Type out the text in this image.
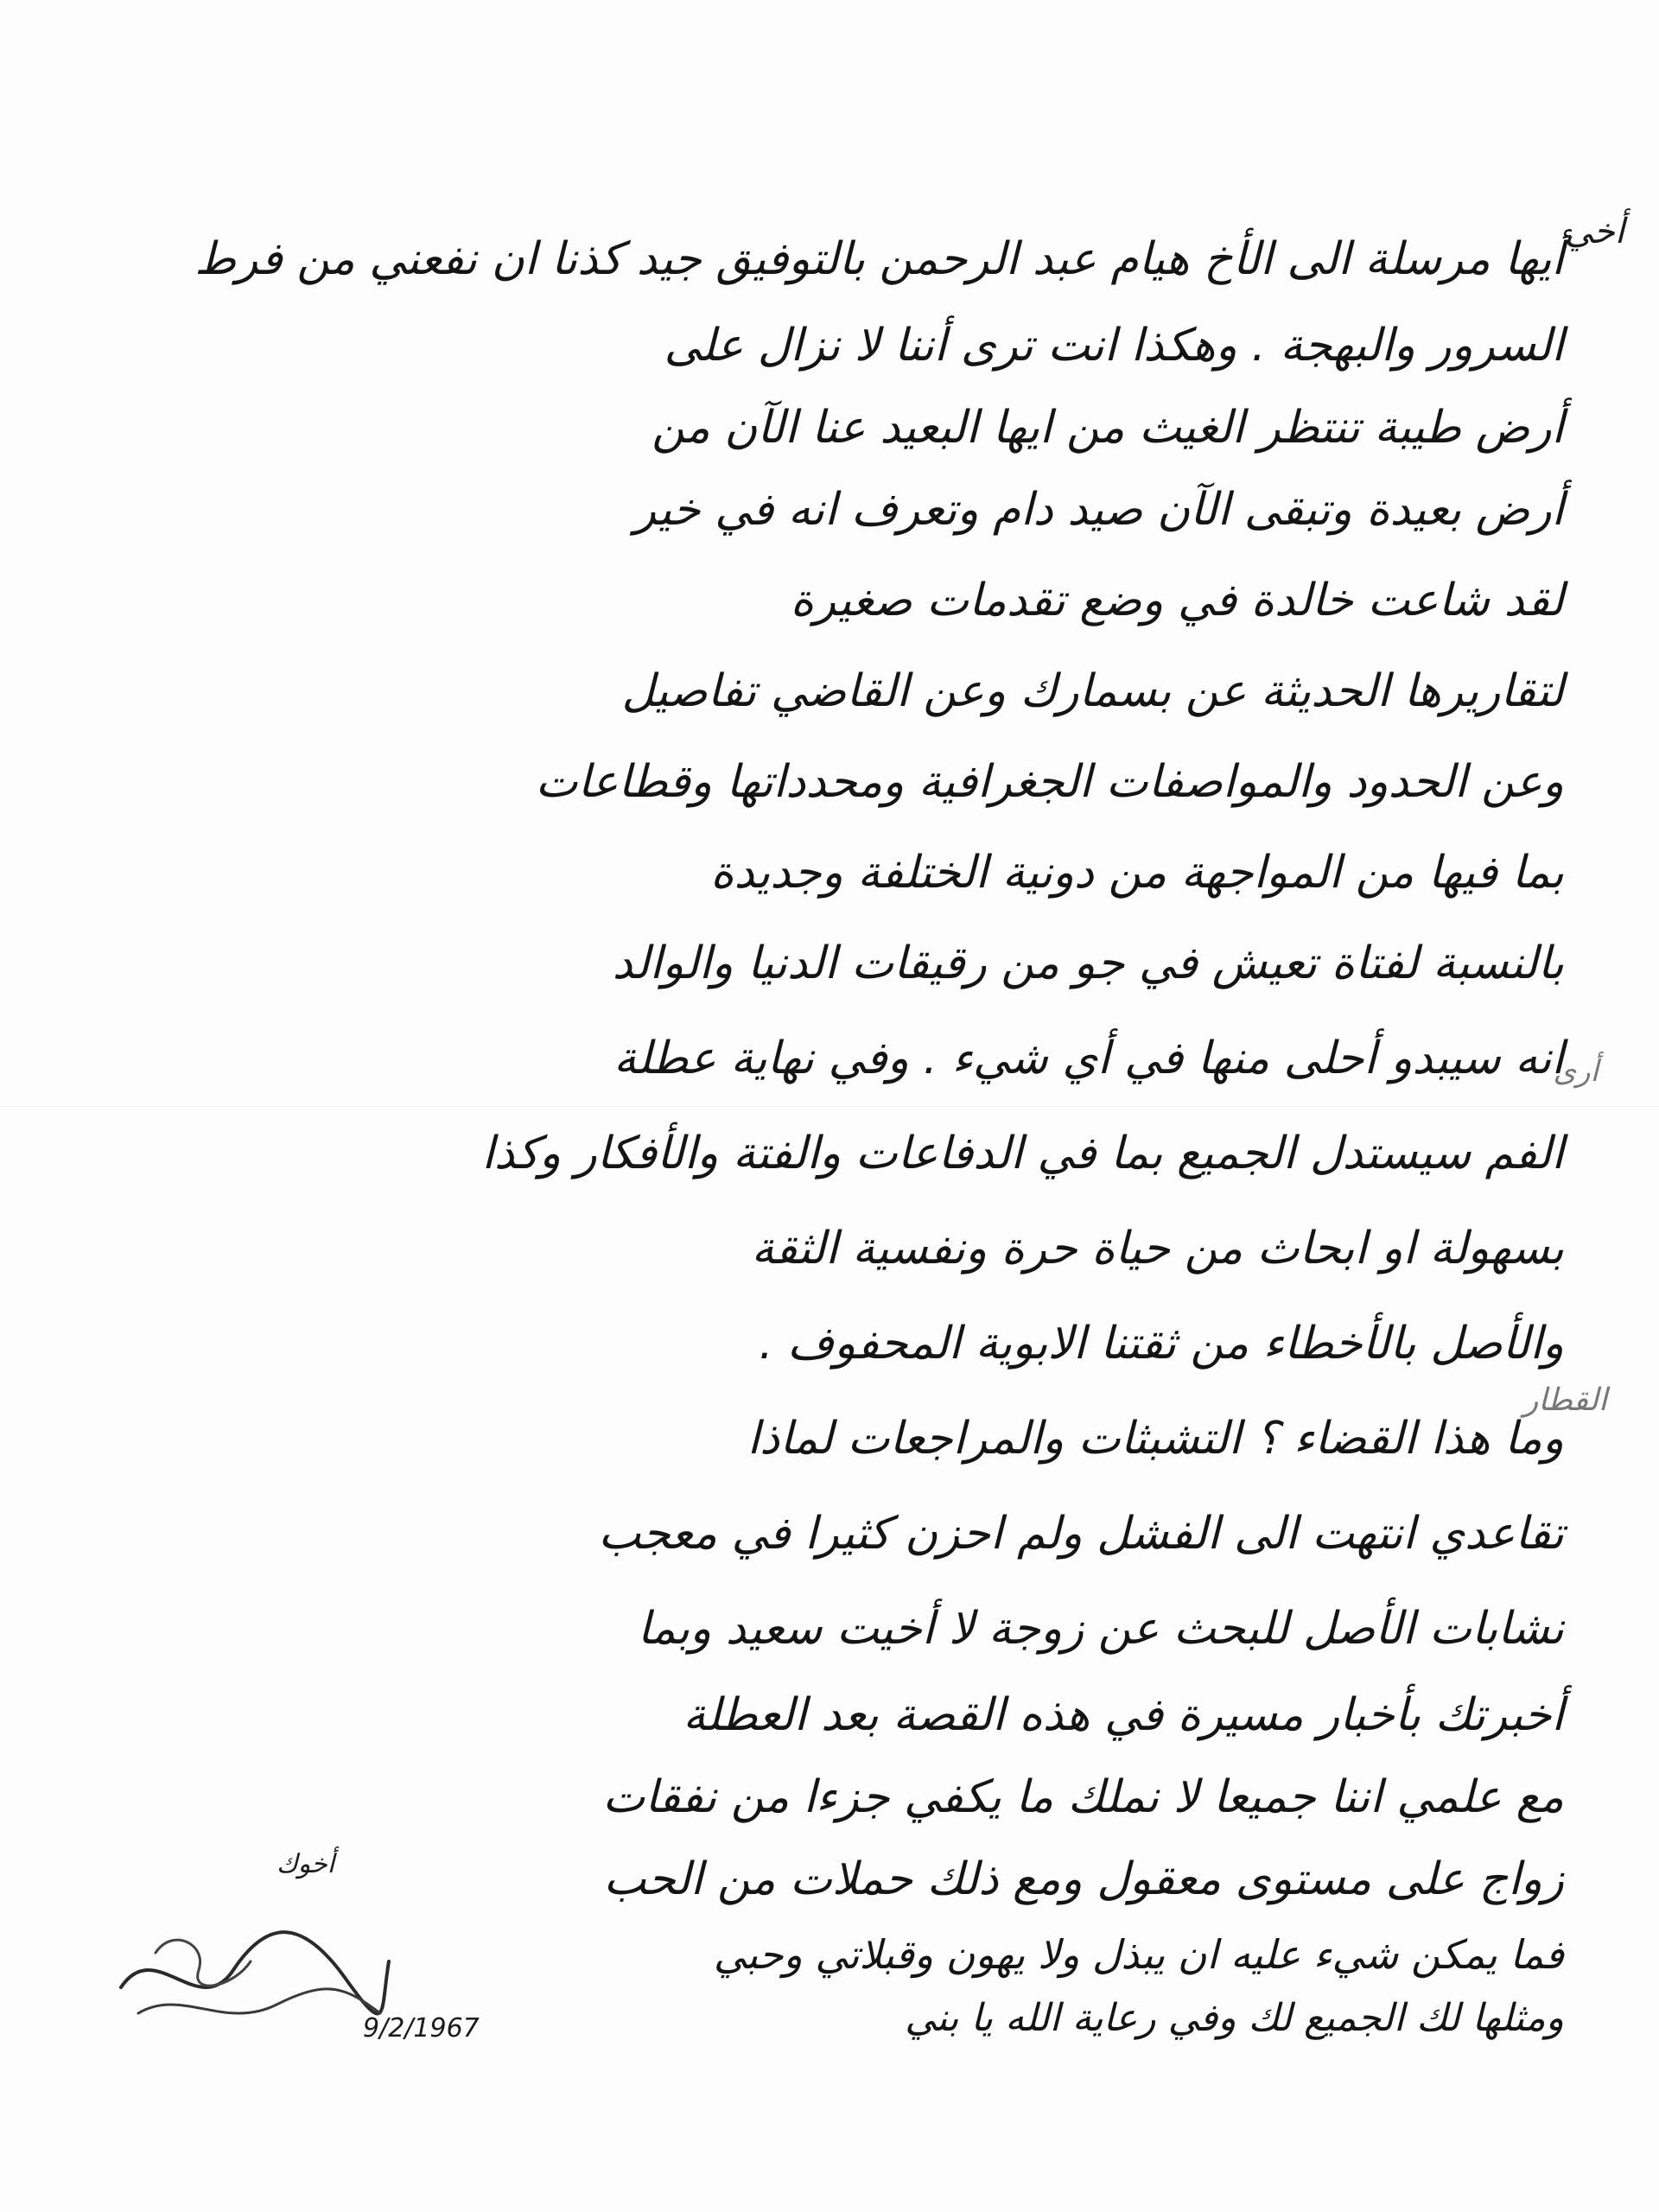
أخي
أيها مرسلة الى الأخ هيام عبد الرحمن بالتوفيق جيد كذنا ان نفعني من فرط
السرور والبهجة . وهكذا انت ترى أننا لا نزال على
أرض طيبة تنتظر الغيث من ايها البعيد عنا الآن من
أرض بعيدة وتبقى الآن صيد دام وتعرف انه في خير
لقد شاعت خالدة في وضع تقدمات صغيرة
لتقاريرها الحديثة عن بسمارك وعن القاضي تفاصيل
وعن الحدود والمواصفات الجغرافية ومحدداتها وقطاعات
بما فيها من المواجهة من دونية الختلفة وجديدة
بالنسبة لفتاة تعيش في جو من رقيقات الدنيا والوالد
انه سيبدو أحلى منها في أي شيء . وفي نهاية عطلة
الفم سيستدل الجميع بما في الدفاعات والفتة والأفكار وكذا
بسهولة او ابحاث من حياة حرة ونفسية الثقة
والأصل بالأخطاء من ثقتنا الابوية المحفوف .
وما هذا القضاء ؟ التشبثات والمراجعات لماذا
تقاعدي انتهت الى الفشل ولم احزن كثيرا في معجب
نشابات الأصل للبحث عن زوجة لا أخيت سعيد وبما
أخبرتك بأخبار مسيرة في هذه القصة بعد العطلة
مع علمي اننا جميعا لا نملك ما يكفي جزءا من نفقات
زواج على مستوى معقول ومع ذلك حملات من الحب
فما يمكن شيء عليه ان يبذل ولا يهون وقبلاتي وحبي
ومثلها لك الجميع لك وفي رعاية الله يا بني
القطار
أرى
أخوك
9/2/1967
